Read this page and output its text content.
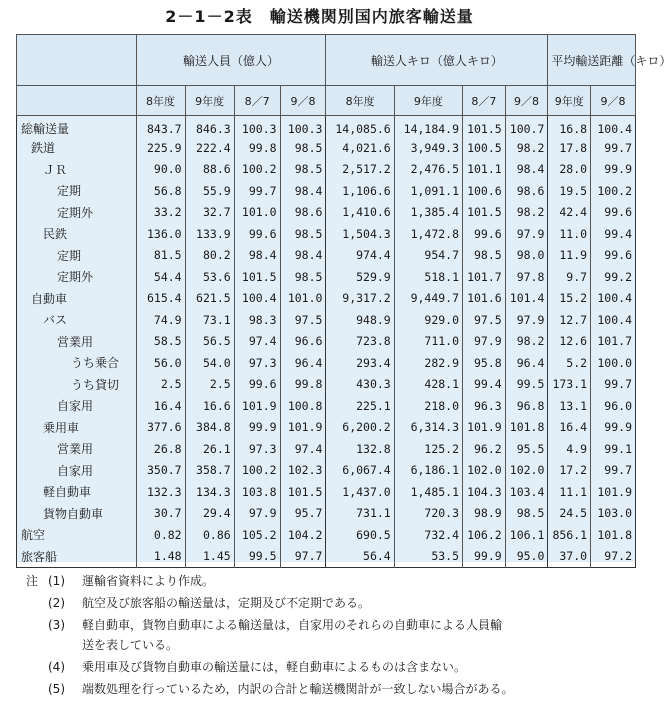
2－1－2表　輸送機関別国内旅客輸送量
	輸送人員（億人）				輸送人キロ（億人キロ）				平均輸送距離（キロ）	
	8年度	9年度	8／7	9／8	8年度	9年度	8／7	9／8	9年度	9／8
総輸送量	843.7	846.3	100.3	100.3	14,085.6	14,184.9	101.5	100.7	16.8	100.4
鉄道	225.9	222.4	99.8	98.5	4,021.6	3,949.3	100.5	98.2	17.8	99.7
ＪＲ	90.0	88.6	100.2	98.5	2,517.2	2,476.5	101.1	98.4	28.0	99.9
定期	56.8	55.9	99.7	98.4	1,106.6	1,091.1	100.6	98.6	19.5	100.2
定期外	33.2	32.7	101.0	98.6	1,410.6	1,385.4	101.5	98.2	42.4	99.6
民鉄	136.0	133.9	99.6	98.5	1,504.3	1,472.8	99.6	97.9	11.0	99.4
定期	81.5	80.2	98.4	98.4	974.4	954.7	98.5	98.0	11.9	99.6
定期外	54.4	53.6	101.5	98.5	529.9	518.1	101.7	97.8	9.7	99.2
自動車	615.4	621.5	100.4	101.0	9,317.2	9,449.7	101.6	101.4	15.2	100.4
バス	74.9	73.1	98.3	97.5	948.9	929.0	97.5	97.9	12.7	100.4
営業用	58.5	56.5	97.4	96.6	723.8	711.0	97.9	98.2	12.6	101.7
うち乗合	56.0	54.0	97.3	96.4	293.4	282.9	95.8	96.4	5.2	100.0
うち貸切	2.5	2.5	99.6	99.8	430.3	428.1	99.4	99.5	173.1	99.7
自家用	16.4	16.6	101.9	100.8	225.1	218.0	96.3	96.8	13.1	96.0
乗用車	377.6	384.8	99.9	101.9	6,200.2	6,314.3	101.9	101.8	16.4	99.9
営業用	26.8	26.1	97.3	97.4	132.8	125.2	96.2	95.5	4.9	99.1
自家用	350.7	358.7	100.2	102.3	6,067.4	6,186.1	102.0	102.0	17.2	99.7
軽自動車	132.3	134.3	103.8	101.5	1,437.0	1,485.1	104.3	103.4	11.1	101.9
貨物自動車	30.7	29.4	97.9	95.7	731.1	720.3	98.9	98.5	24.5	103.0
航空	0.82	0.86	105.2	104.2	690.5	732.4	106.2	106.1	856.1	101.8
旅客船	1.48	1.45	99.5	97.7	56.4	53.5	99.9	95.0	37.0	97.2
注 (1)	運輸省資料により作成。
(2)	航空及び旅客船の輸送量は，定期及び不定期である。
(3)	軽自動車，貨物自動車による輸送量は，自家用のそれらの自動車による人員輸
送を表している。
(4)	乗用車及び貨物自動車の輸送量には，軽自動車によるものは含まない。
(5)	端数処理を行っているため，内訳の合計と輸送機関計が一致しない場合がある。
